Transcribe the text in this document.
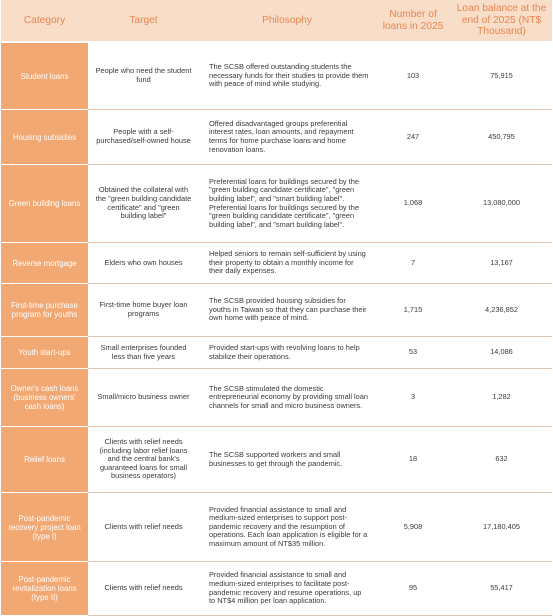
Category	Target	Philosophy	Number of loans in 2025	Loan balance at the end of 2025 (NT$ Thousand)
Student loans	People who need the student fund	The SCSB offered outstanding students the necessary funds for their studies to provide them with peace of mind while studying.	103	75,915
Housing subsidies	People with a self-purchased/self-owned house	Offered disadvantaged groups preferential interest rates, loan amounts, and repayment terms for home purchase loans and home renovation loans.	247	450,795
Green building loans	Obtained the collateral with the "green building candidate certificate" and "green building label"	Preferential loans for buildings secured by the "green building candidate certificate", "green building label", and "smart building label". Preferential loans for buildings secured by the "green building candidate certificate", "green building label", and "smart building label".	1,068	13,080,000
Reverse mortgage	Elders who own houses	Helped seniors to remain self-sufficient by using their property to obtain a monthly income for their daily expenses.	7	13,167
First-time purchase program for youths	First-time home buyer loan programs	The SCSB provided housing subsidies for youths in Taiwan so that they can purchase their own home with peace of mind.	1,715	4,236,852
Youth start-ups	Small enterprises founded less than five years	Provided start-ups with revolving loans to help stabilize their operations.	53	14,086
Owner's cash loans (business owners' cash loans)	Small/micro business owner	The SCSB stimulated the domestic entrepreneurial economy by providing small loan channels for small and micro business owners.	3	1,282
Relief loans	Clients with relief needs (including labor relief loans and the central bank's guaranteed loans for small business operators)	The SCSB supported workers and small businesses to get through the pandemic.	18	632
Post-pandemic recovery project loan (type I)	Clients with relief needs	Provided financial assistance to small and medium-sized enterprises to support post-pandemic recovery and the resumption of operations. Each loan application is eligible for a maximum amount of NT$35 million.	5,908	17,180,405
Post-pandemic revitalization loans (type II)	Clients with relief needs	Provided financial assistance to small and medium-sized enterprises to facilitate post-pandemic recovery and resume operations, up to NT$4 million per loan application.	95	55,417
